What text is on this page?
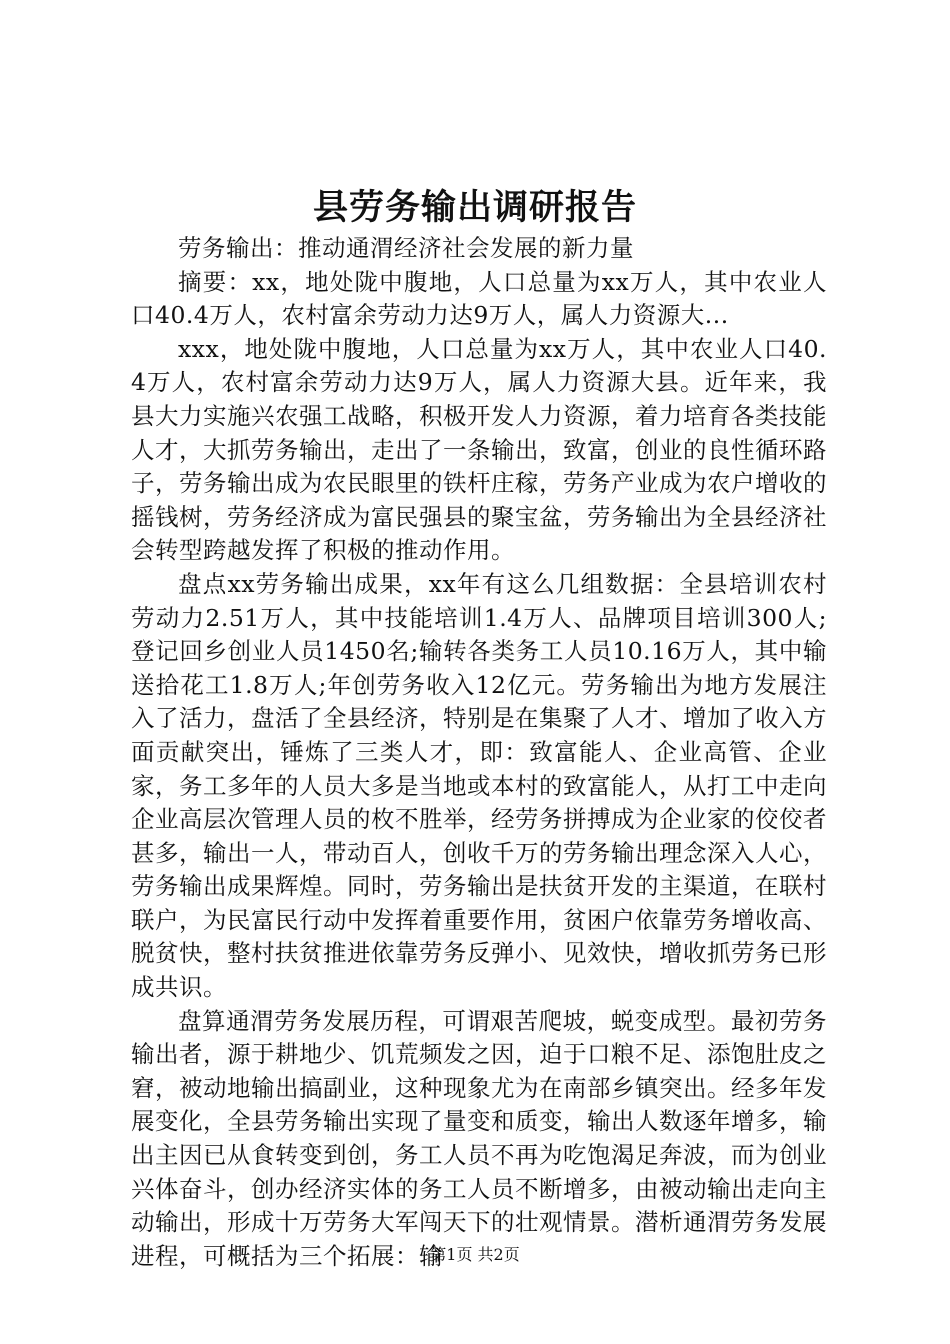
县劳务输出调研报告

劳务输出：推动通渭经济社会发展的新力量

摘要：xx，地处陇中腹地，人口总量为xx万人，其中农业人口40.4万人，农村富余劳动力达9万人，属人力资源大...

xxx，地处陇中腹地，人口总量为xx万人，其中农业人口40.4万人，农村富余劳动力达9万人，属人力资源大县。近年来，我县大力实施兴农强工战略，积极开发人力资源，着力培育各类技能人才，大抓劳务输出，走出了一条输出，致富，创业的良性循环路子，劳务输出成为农民眼里的铁杆庄稼，劳务产业成为农户增收的摇钱树，劳务经济成为富民强县的聚宝盆，劳务输出为全县经济社会转型跨越发挥了积极的推动作用。

盘点xx劳务输出成果，xx年有这么几组数据：全县培训农村劳动力2.51万人，其中技能培训1.4万人、品牌项目培训300人;登记回乡创业人员1450名;输转各类务工人员10.16万人，其中输送拾花工1.8万人;年创劳务收入12亿元。劳务输出为地方发展注入了活力，盘活了全县经济，特别是在集聚了人才、增加了收入方面贡献突出，锤炼了三类人才，即：致富能人、企业高管、企业家，务工多年的人员大多是当地或本村的致富能人，从打工中走向企业高层次管理人员的枚不胜举，经劳务拼搏成为企业家的佼佼者甚多，输出一人，带动百人，创收千万的劳务输出理念深入人心，劳务输出成果辉煌。同时，劳务输出是扶贫开发的主渠道，在联村联户，为民富民行动中发挥着重要作用，贫困户依靠劳务增收高、脱贫快，整村扶贫推进依靠劳务反弹小、见效快，增收抓劳务已形成共识。

盘算通渭劳务发展历程，可谓艰苦爬坡，蜕变成型。最初劳务输出者，源于耕地少、饥荒频发之因，迫于口粮不足、添饱肚皮之窘，被动地输出搞副业，这种现象尤为在南部乡镇突出。经多年发展变化，全县劳务输出实现了量变和质变，输出人数逐年增多，输出主因已从食转变到创，务工人员不再为吃饱渴足奔波，而为创业兴体奋斗，创办经济实体的务工人员不断增多，由被动输出走向主动输出，形成十万劳务大军闯天下的壮观情景。潜析通渭劳务发展进程，可概括为三个拓展：输

第1页 共2页
